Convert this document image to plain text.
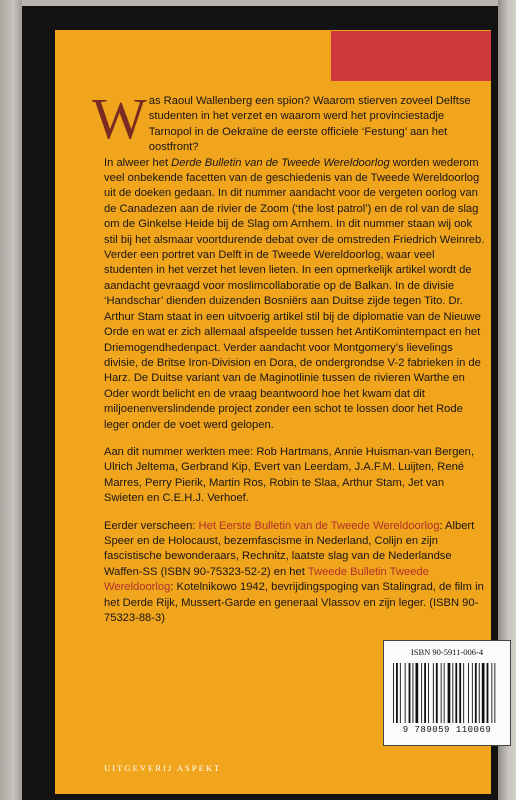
Was Raoul Wallenberg een spion? Waarom stierven zoveel Delftse studenten in het verzet en waarom werd het provinciestadje Tarnopol in de Oekraïne de eerste officiele ‘Festung’ aan het oostfront?

In alweer het Derde Bulletin van de Tweede Wereldoorlog worden wederom veel onbekende facetten van de geschiedenis van de Tweede Wereldoorlog uit de doeken gedaan. In dit nummer aandacht voor de vergeten oorlog van de Canadezen aan de rivier de Zoom (‘the lost patrol’) en de rol van de slag om de Ginkelse Heide bij de Slag om Arnhem. In dit nummer staan wij ook stil bij het alsmaar voortdurende debat over de omstreden Friedrich Weinreb. Verder een portret van Delft in de Tweede Wereldoorlog, waar veel studenten in het verzet het leven lieten. In een opmerkelijk artikel wordt de aandacht gevraagd voor moslimcollaboratie op de Balkan. In de divisie ‘Handschar’ dienden duizenden Bosniërs aan Duitse zijde tegen Tito. Dr. Arthur Stam staat in een uitvoerig artikel stil bij de diplomatie van de Nieuwe Orde en wat er zich allemaal afspeelde tussen het AntiKominternpact en het Driemogendhedenpact. Verder aandacht voor Montgomery’s lievelings divisie, de Britse Iron-Division en Dora, de ondergrondse V-2 fabrieken in de Harz. De Duitse variant van de Maginotlinie tussen de rivieren Warthe en Oder wordt belicht en de vraag beantwoord hoe het kwam dat dit miljoenenverslindende project zonder een schot te lossen door het Rode leger onder de voet werd gelopen.

Aan dit nummer werkten mee: Rob Hartmans, Annie Huisman-van Bergen, Ulrich Jeltema, Gerbrand Kip, Evert van Leerdam, J.A.F.M. Luijten, René Marres, Perry Pierik, Martin Ros, Robin te Slaa, Arthur Stam, Jet van Swieten en C.E.H.J. Verhoef.

Eerder verscheen: Het Eerste Bulletin van de Tweede Wereldoorlog: Albert Speer en de Holocaust, bezemfascisme in Nederland, Colijn en zijn fascistische bewonderaars, Rechnitz, laatste slag van de Nederlandse Waffen-SS (ISBN 90-75323-52-2) en het Tweede Bulletin Tweede Wereldoorlog: Kotelnikowo 1942, bevrijdingspoging van Stalingrad, de film in het Derde Rijk, Mussert-Garde en generaal Vlassov en zijn leger. (ISBN 90-75323-88-3)

ISBN 90-5911-006-4
9 789059 110069
UITGEVERIJ ASPEKT
